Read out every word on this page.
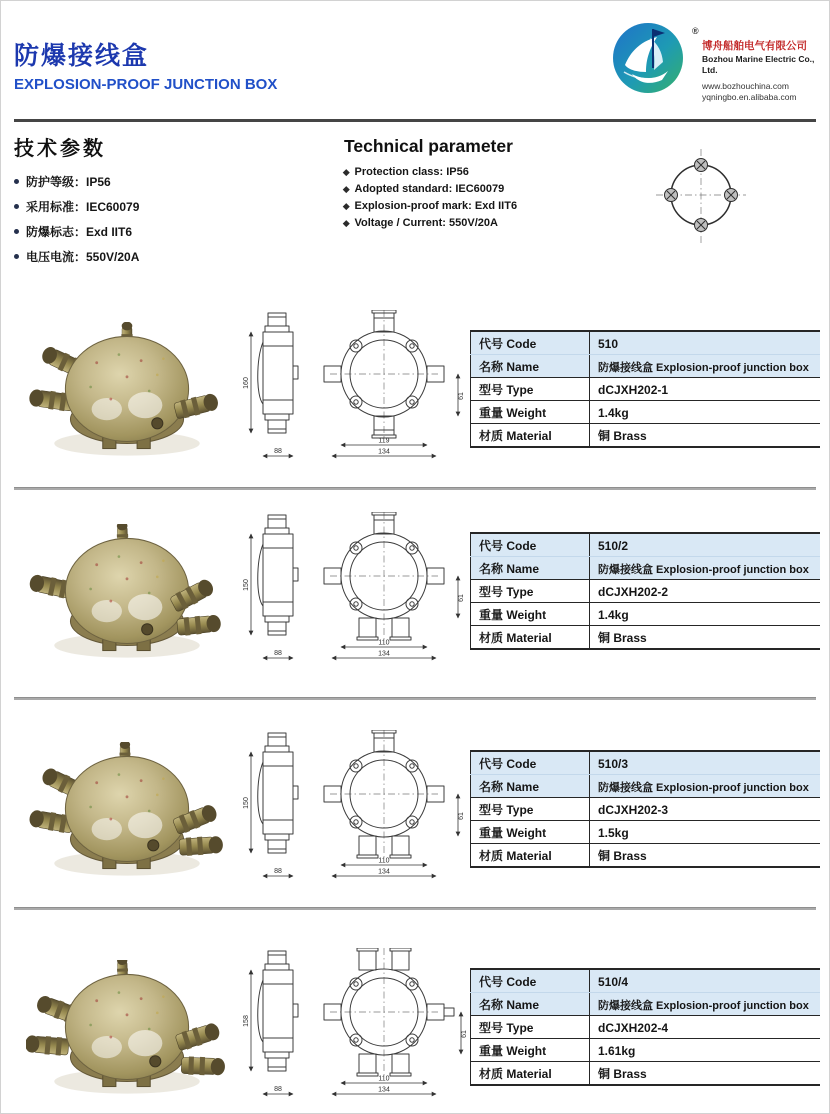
防爆接线盒
EXPLOSION-PROOF JUNCTION BOX
®
博舟船舶电气有限公司
Bozhou Marine Electric Co., Ltd.
www.bozhouchina.com
yqningbo.en.alibaba.com
技术参数
防护等级：IP56
采用标准：IEC60079
防爆标志：Exd IIT6
电压电流：550V/20A
Technical parameter
Protection class: IP56
Adopted standard: IEC60079
Explosion-proof mark: Exd IIT6
Voltage / Current: 550V/20A
160
88
119
134
61
代号 Code	510
名称 Name	防爆接线盒 Explosion-proof junction box
型号 Type	dCJXH202-1
重量 Weight	1.4kg
材质 Material	铜 Brass
150
88
110
134
61
代号 Code	510/2
名称 Name	防爆接线盒 Explosion-proof junction box
型号 Type	dCJXH202-2
重量 Weight	1.4kg
材质 Material	铜 Brass
150
88
110
134
61
代号 Code	510/3
名称 Name	防爆接线盒 Explosion-proof junction box
型号 Type	dCJXH202-3
重量 Weight	1.5kg
材质 Material	铜 Brass
158
88
110
134
61
代号 Code	510/4
名称 Name	防爆接线盒 Explosion-proof junction box
型号 Type	dCJXH202-4
重量 Weight	1.61kg
材质 Material	铜 Brass
